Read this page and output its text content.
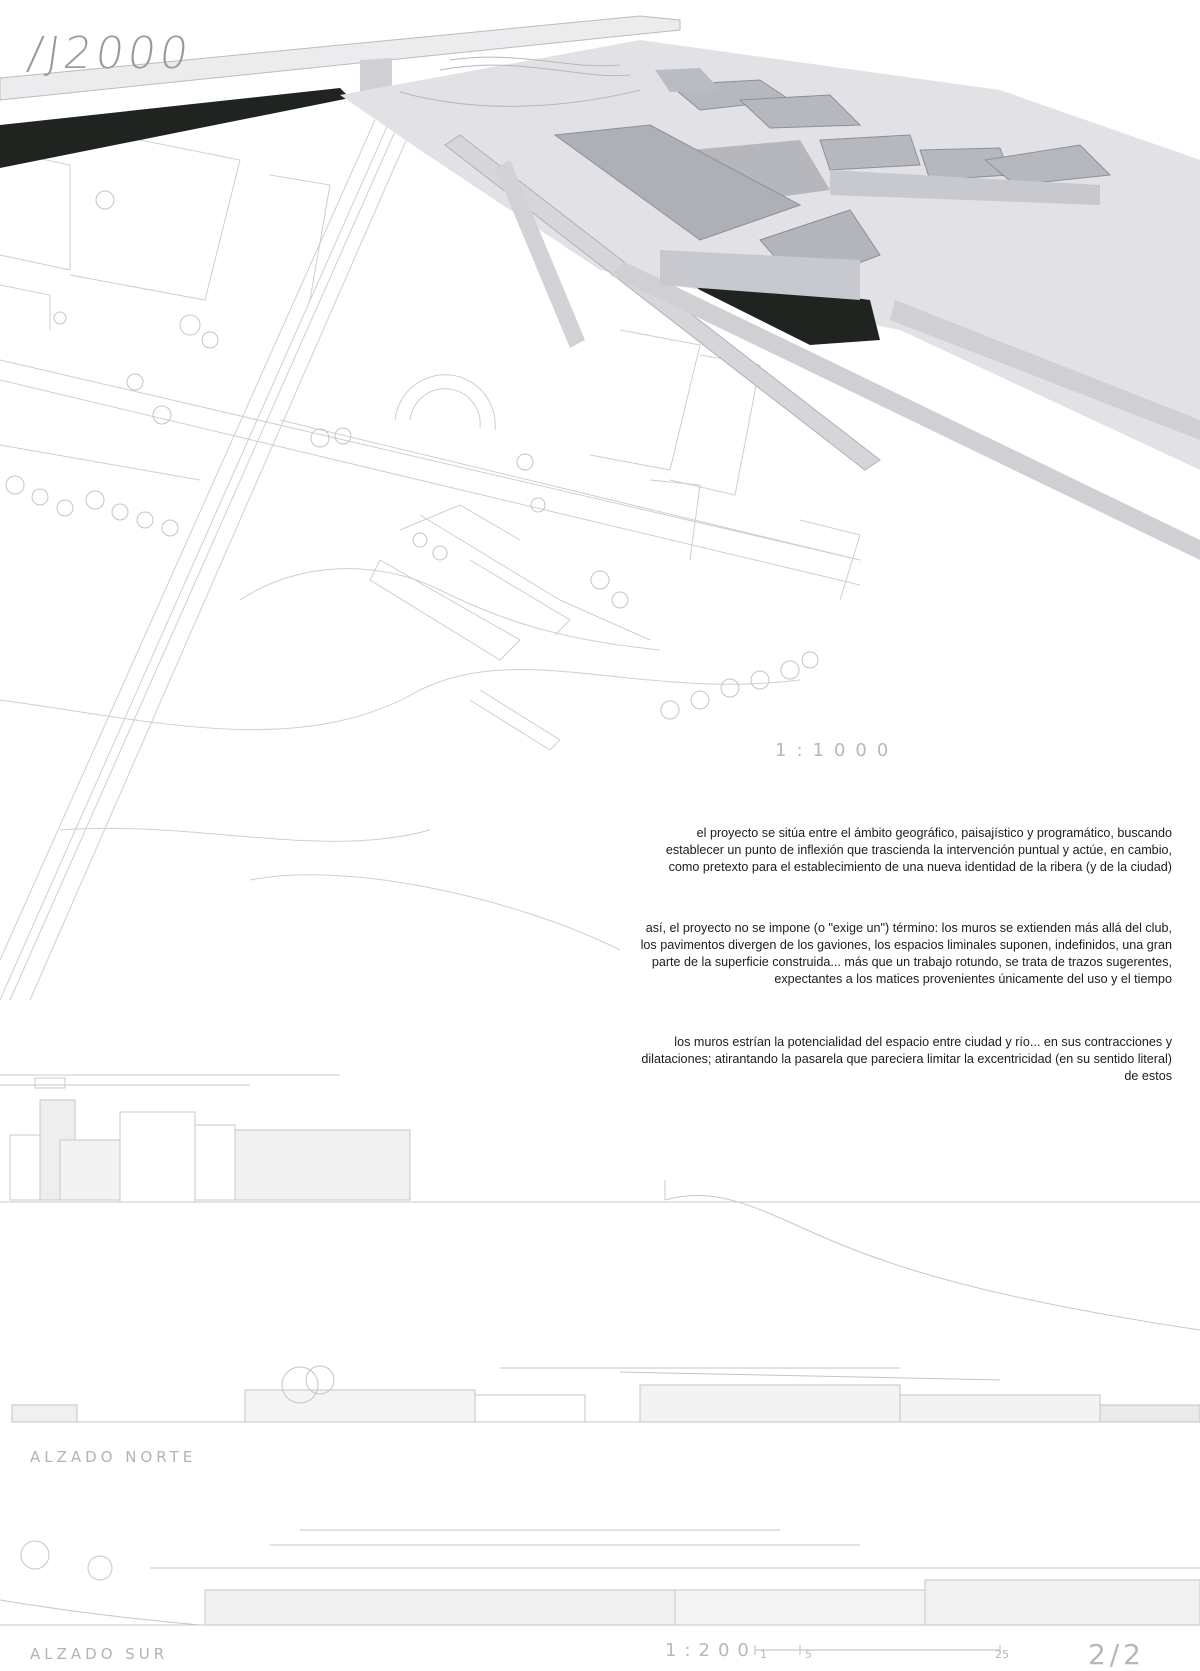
/J2000
1:1000
el proyecto se sitúa entre el ámbito geográfico, paisajístico y programático, buscando establecer un punto de inflexión que trascienda la intervención puntual y actúe, en cambio, como pretexto para el establecimiento de una nueva identidad de la ribera (y de la ciudad)
así, el proyecto no se impone (o "exige un") término: los muros se extienden más allá del club, los pavimentos divergen de los gaviones, los espacios liminales suponen, indefinidos, una gran parte de la superficie construida... más que un trabajo rotundo, se trata de trazos sugerentes, expectantes a los matices provenientes únicamente del uso y el tiempo
los muros estrían la potencialidad del espacio entre ciudad y río... en sus contracciones y dilataciones; atirantando la pasarela que pareciera limitar la excentricidad (en su sentido literal) de estos
ALZADO NORTE
ALZADO SUR	1:200 1	5	25	2/2
